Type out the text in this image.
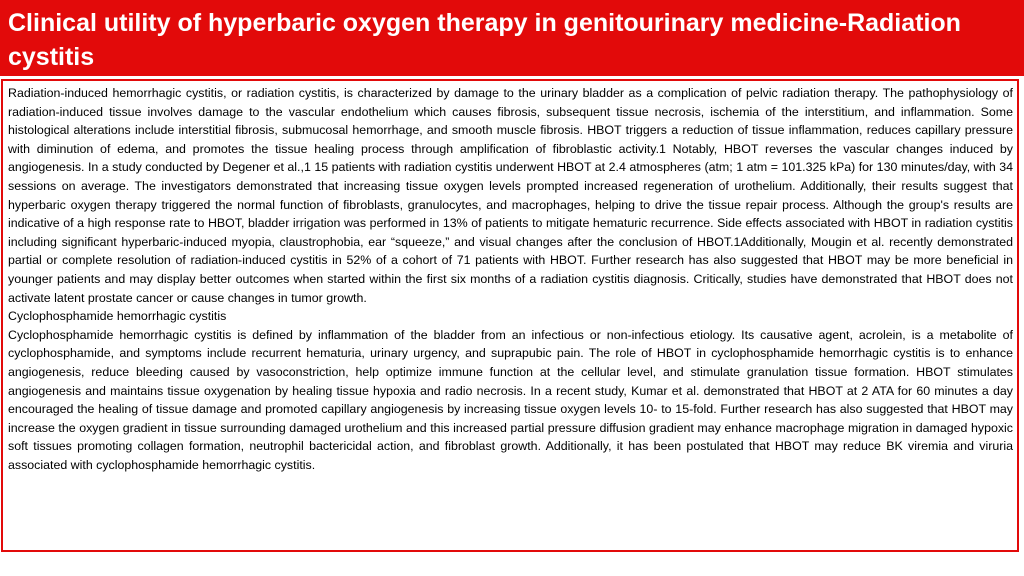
Clinical utility of hyperbaric oxygen therapy in genitourinary medicine-Radiation cystitis

Radiation-induced hemorrhagic cystitis, or radiation cystitis, is characterized by damage to the urinary bladder as a complication of pelvic radiation therapy. The pathophysiology of radiation-induced tissue involves damage to the vascular endothelium which causes fibrosis, subsequent tissue necrosis, ischemia of the interstitium, and inflammation. Some histological alterations include interstitial fibrosis, submucosal hemorrhage, and smooth muscle fibrosis. HBOT triggers a reduction of tissue inflammation, reduces capillary pressure with diminution of edema, and promotes the tissue healing process through amplification of fibroblastic activity.1 Notably, HBOT reverses the vascular changes induced by angiogenesis. In a study conducted by Degener et al.,1 15 patients with radiation cystitis underwent HBOT at 2.4 atmospheres (atm; 1 atm = 101.325 kPa) for 130 minutes/day, with 34 sessions on average. The investigators demonstrated that increasing tissue oxygen levels prompted increased regeneration of urothelium. Additionally, their results suggest that hyperbaric oxygen therapy triggered the normal function of fibroblasts, granulocytes, and macrophages, helping to drive the tissue repair process. Although the group's results are indicative of a high response rate to HBOT, bladder irrigation was performed in 13% of patients to mitigate hematuric recurrence. Side effects associated with HBOT in radiation cystitis including significant hyperbaric-induced myopia, claustrophobia, ear “squeeze,” and visual changes after the conclusion of HBOT.1Additionally, Mougin et al. recently demonstrated partial or complete resolution of radiation-induced cystitis in 52% of a cohort of 71 patients with HBOT. Further research has also suggested that HBOT may be more beneficial in younger patients and may display better outcomes when started within the first six months of a radiation cystitis diagnosis. Critically, studies have demonstrated that HBOT does not activate latent prostate cancer or cause changes in tumor growth.

Cyclophosphamide hemorrhagic cystitis

Cyclophosphamide hemorrhagic cystitis is defined by inflammation of the bladder from an infectious or non-infectious etiology. Its causative agent, acrolein, is a metabolite of cyclophosphamide, and symptoms include recurrent hematuria, urinary urgency, and suprapubic pain. The role of HBOT in cyclophosphamide hemorrhagic cystitis is to enhance angiogenesis, reduce bleeding caused by vasoconstriction, help optimize immune function at the cellular level, and stimulate granulation tissue formation. HBOT stimulates angiogenesis and maintains tissue oxygenation by healing tissue hypoxia and radio necrosis. In a recent study, Kumar et al. demonstrated that HBOT at 2 ATA for 60 minutes a day encouraged the healing of tissue damage and promoted capillary angiogenesis by increasing tissue oxygen levels 10- to 15-fold. Further research has also suggested that HBOT may increase the oxygen gradient in tissue surrounding damaged urothelium and this increased partial pressure diffusion gradient may enhance macrophage migration in damaged hypoxic soft tissues promoting collagen formation, neutrophil bactericidal action, and fibroblast growth. Additionally, it has been postulated that HBOT may reduce BK viremia and viruria associated with cyclophosphamide hemorrhagic cystitis.
